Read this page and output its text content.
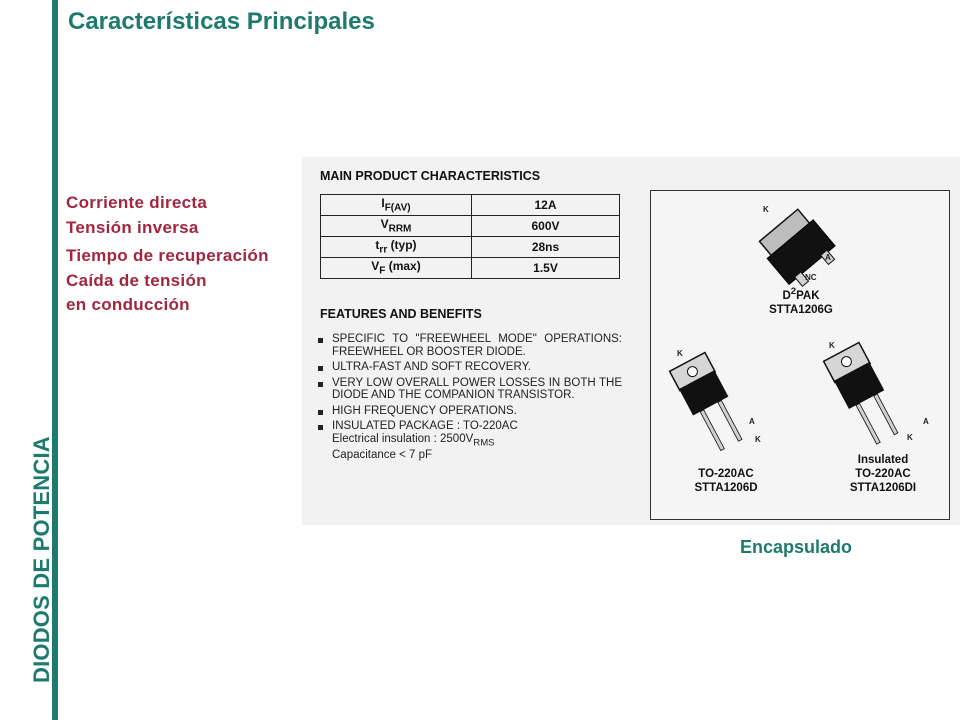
DIODOS DE POTENCIA
Características Principales
Corriente directa
Tensión inversa
Tiempo de recuperación
Caída de tensión
en conducción
MAIN PRODUCT CHARACTERISTICS
$I_{F(AV)}$	12A
$V_{RRM}$	600V
$t_{rr}$ (typ)	28ns
$V_F$ (max)	1.5V
FEATURES AND BENEFITS
SPECIFIC TO "FREEWHEEL MODE" OPERATIONS: FREEWHEEL OR BOOSTER DIODE.
ULTRA-FAST AND SOFT RECOVERY.
VERY LOW OVERALL POWER LOSSES IN BOTH THE DIODE AND THE COMPANION TRANSISTOR.
HIGH FREQUENCY OPERATIONS.
INSULATED PACKAGE : TO-220AC
Electrical insulation : $2500V_{RMS}$
Capacitance < 7 pF
K
A
NC
$D^2PAK$
STTA1206G
K
A
K
TO-220AC
STTA1206D
K
A
K
Insulated
TO-220AC
STTA1206DI
Encapsulado
